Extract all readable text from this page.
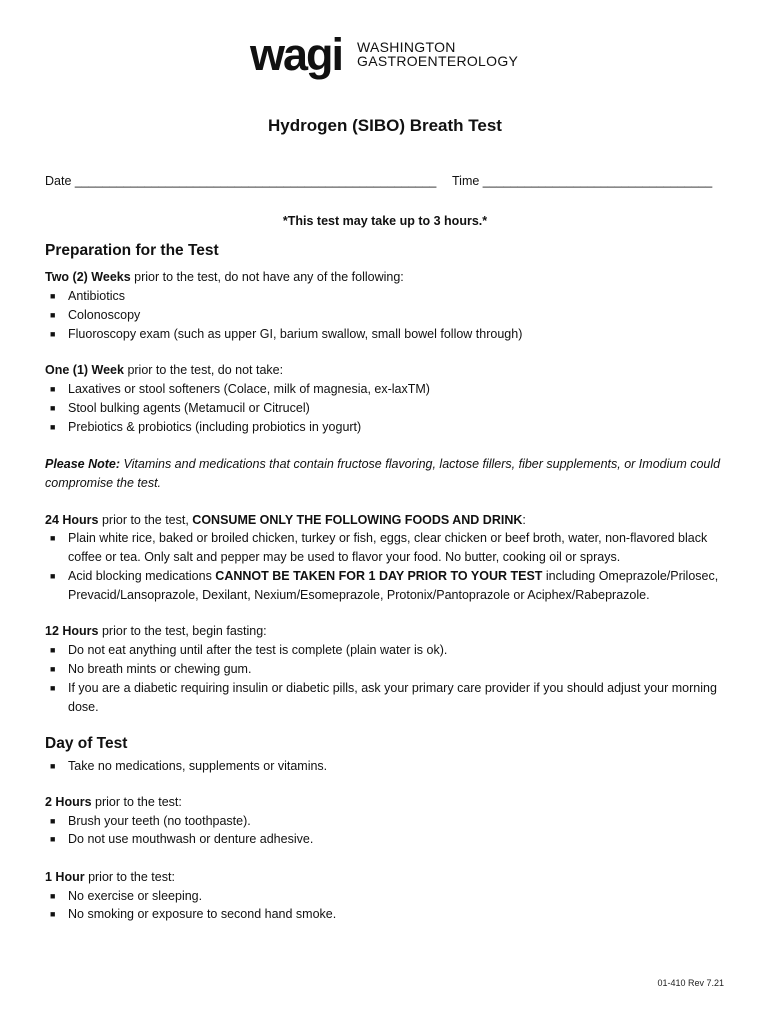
wagi WASHINGTON
GASTROENTEROLOGY
Hydrogen (SIBO) Breath Test
Date ____________________________________________________ Time _________________________________
*This test may take up to 3 hours.*
Preparation for the Test
Two (2) Weeks prior to the test, do not have any of the following:
■ Antibiotics
■ Colonoscopy
■ Fluoroscopy exam (such as upper GI, barium swallow, small bowel follow through)
One (1) Week prior to the test, do not take:
■ Laxatives or stool softeners (Colace, milk of magnesia, ex-laxTM)
■ Stool bulking agents (Metamucil or Citrucel)
■ Prebiotics & probiotics (including probiotics in yogurt)
Please Note: Vitamins and medications that contain fructose flavoring, lactose fillers, fiber supplements, or Imodium could compromise the test.
24 Hours prior to the test, CONSUME ONLY THE FOLLOWING FOODS AND DRINK:
■ Plain white rice, baked or broiled chicken, turkey or fish, eggs, clear chicken or beef broth, water, non-flavored black coffee or tea. Only salt and pepper may be used to flavor your food. No butter, cooking oil or sprays.
■ Acid blocking medications CANNOT BE TAKEN FOR 1 DAY PRIOR TO YOUR TEST including Omeprazole/Prilosec, Prevacid/Lansoprazole, Dexilant, Nexium/Esomeprazole, Protonix/Pantoprazole or Aciphex/Rabeprazole.
12 Hours prior to the test, begin fasting:
■ Do not eat anything until after the test is complete (plain water is ok).
■ No breath mints or chewing gum.
■ If you are a diabetic requiring insulin or diabetic pills, ask your primary care provider if you should adjust your morning dose.
Day of Test
■ Take no medications, supplements or vitamins.
2 Hours prior to the test:
■ Brush your teeth (no toothpaste).
■ Do not use mouthwash or denture adhesive.
1 Hour prior to the test:
■ No exercise or sleeping.
■ No smoking or exposure to second hand smoke.
01-410 Rev 7.21
